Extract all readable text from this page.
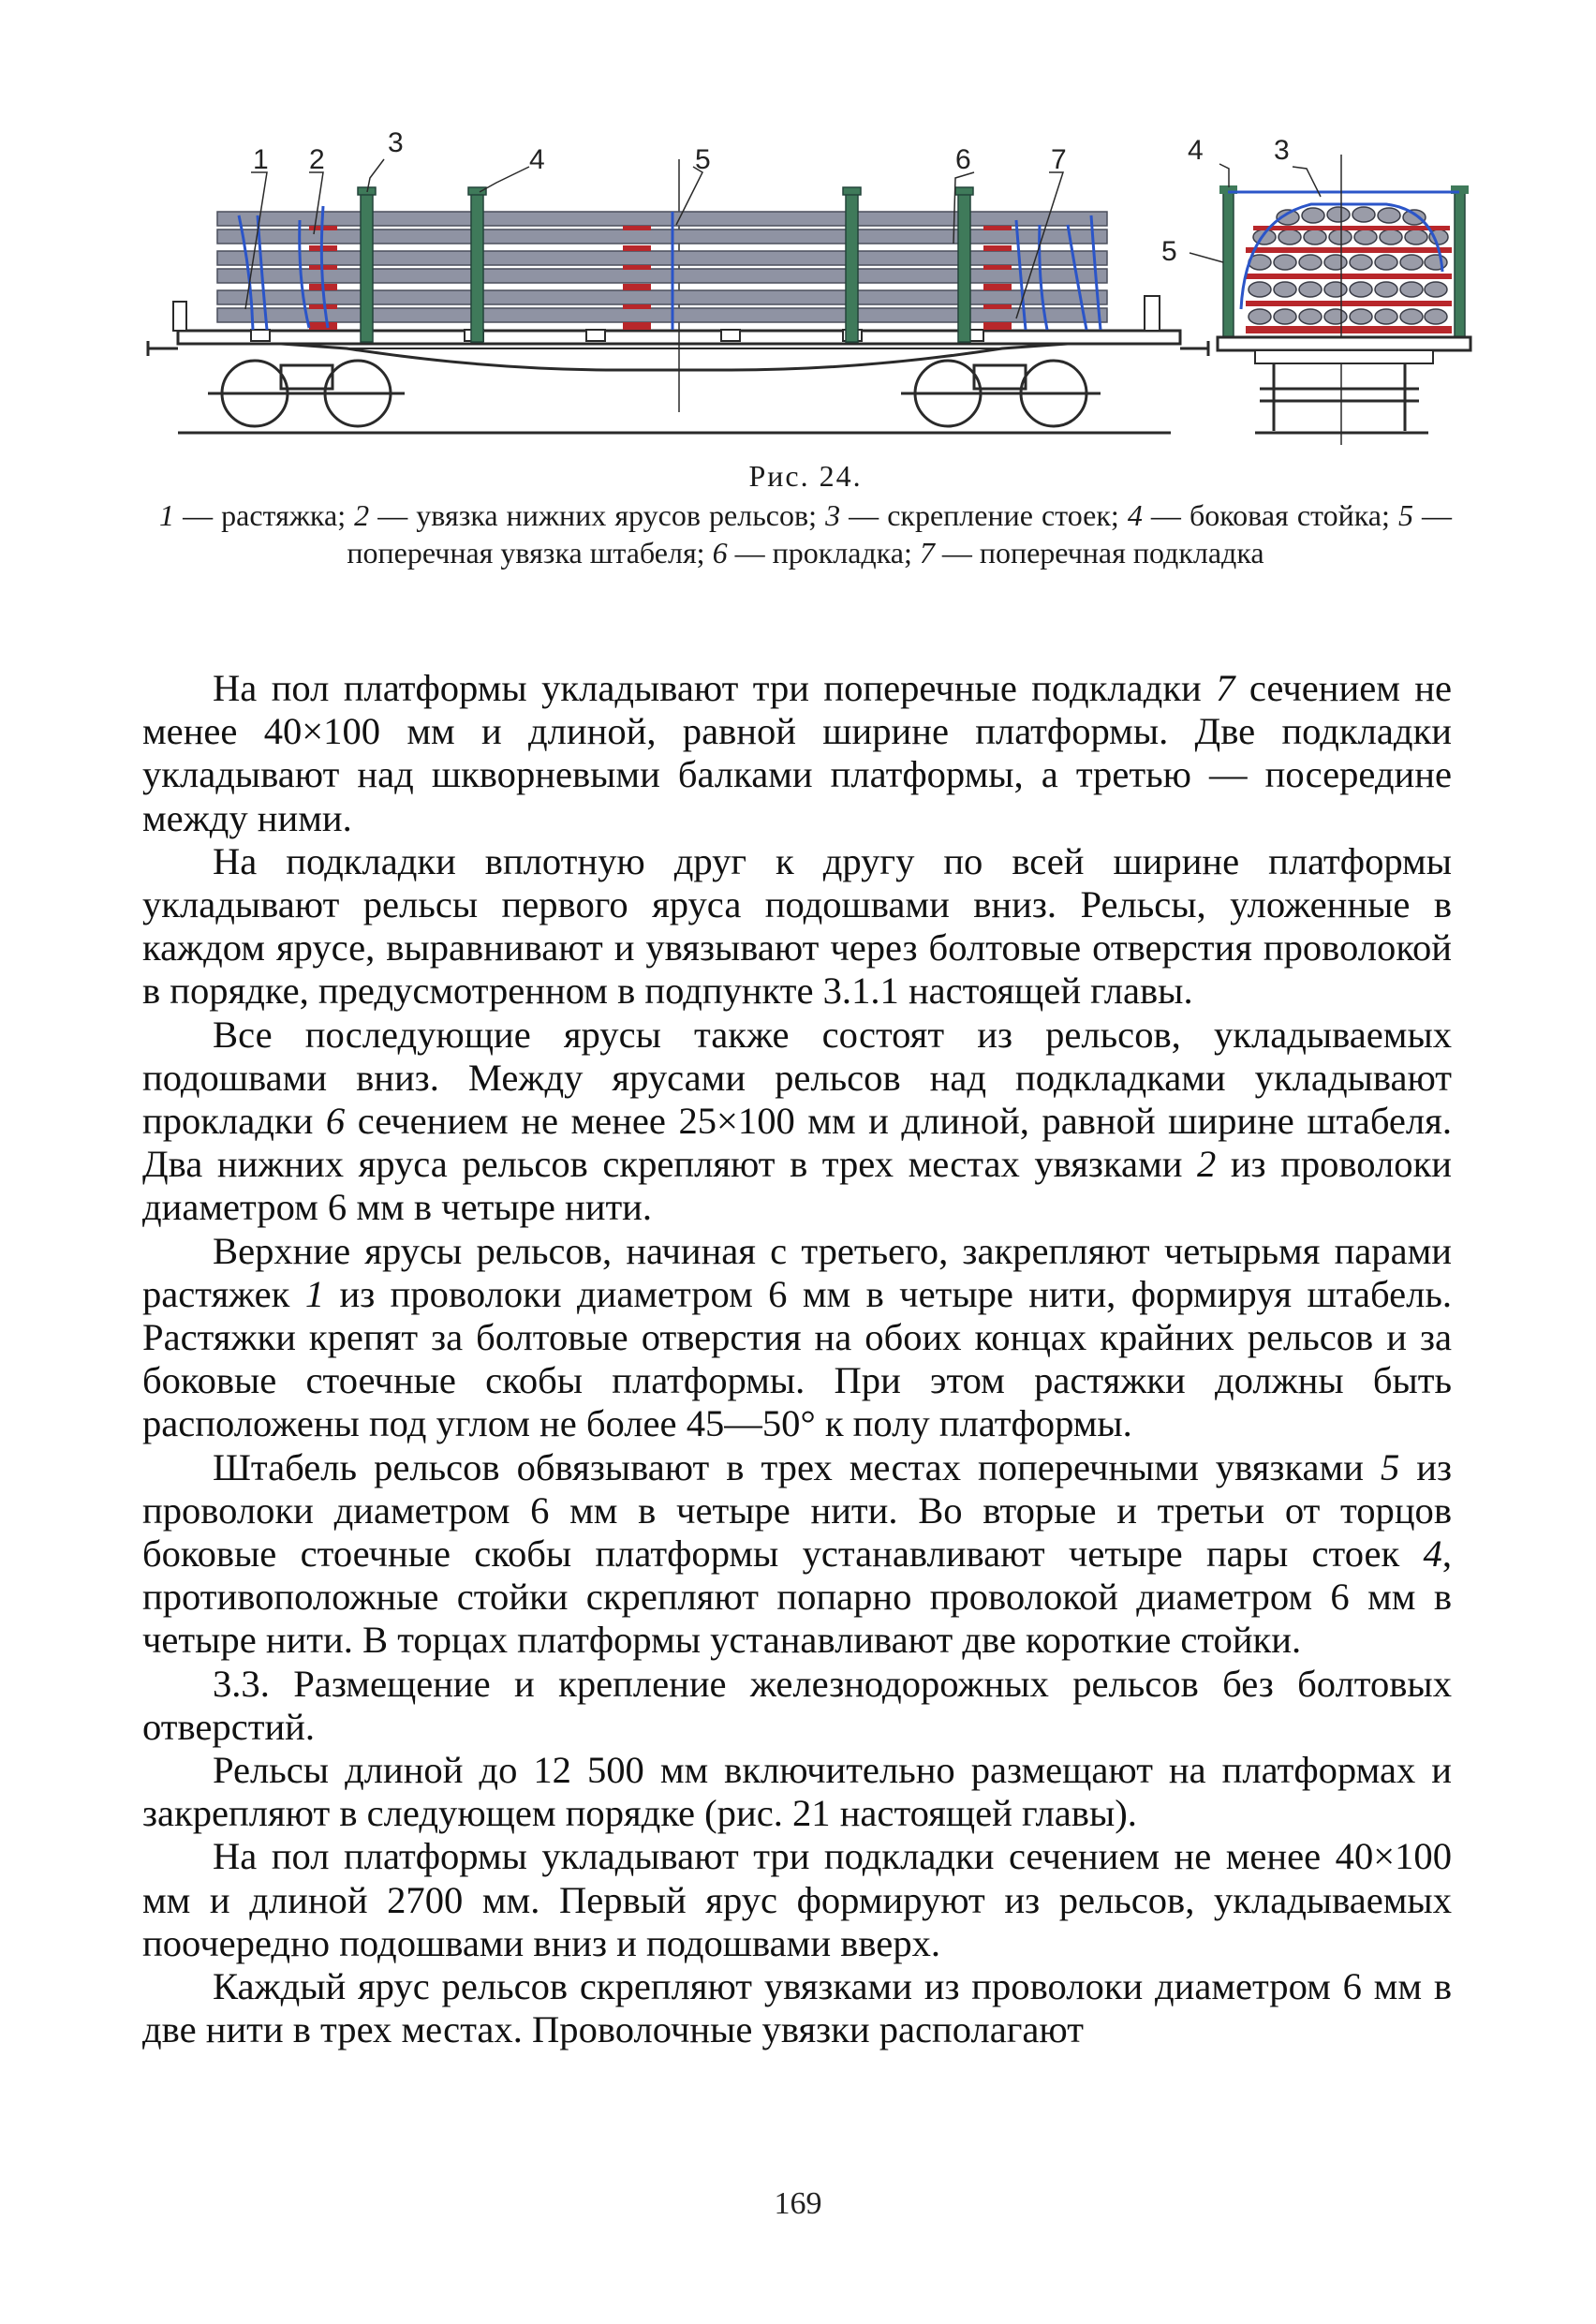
1 2
3
4	5	6	7	4	3
5
Рис. 24.
1 — растяжка; 2 — увязка нижних ярусов рельсов; 3 — скрепление стоек; 4 — боковая стойка; 5 — поперечная увязка штабеля; 6 — прокладка; 7 — поперечная подкладка

На пол платформы укладывают три поперечные подкладки 7 сечением не менее 40×100 мм и длиной, равной ширине платформы. Две подкладки укладывают над шкворневыми балками платформы, а третью — посередине между ними.

На подкладки вплотную друг к другу по всей ширине платформы укладывают рельсы первого яруса подошвами вниз. Рельсы, уложенные в каждом ярусе, выравнивают и увязывают через болтовые отверстия проволокой в порядке, предусмотренном в подпункте 3.1.1 настоящей главы.

Все последующие ярусы также состоят из рельсов, укладываемых подошвами вниз. Между ярусами рельсов над подкладками укладывают прокладки 6 сечением не менее 25×100 мм и длиной, равной ширине штабеля. Два нижних яруса рельсов скрепляют в трех местах увязками 2 из проволоки диаметром 6 мм в четыре нити.

Верхние ярусы рельсов, начиная с третьего, закрепляют четырьмя парами растяжек 1 из проволоки диаметром 6 мм в четыре нити, формируя штабель. Растяжки крепят за болтовые отверстия на обоих концах крайних рельсов и за боковые стоечные скобы платформы. При этом растяжки должны быть расположены под углом не более 45—50° к полу платформы.

Штабель рельсов обвязывают в трех местах поперечными увязками 5 из проволоки диаметром 6 мм в четыре нити. Во вторые и третьи от торцов боковые стоечные скобы платформы устанавливают четыре пары стоек 4, противоположные стойки скрепляют попарно проволокой диаметром 6 мм в четыре нити. В торцах платформы устанавливают две короткие стойки.

3.3. Размещение и крепление железнодорожных рельсов без болтовых отверстий.

Рельсы длиной до 12 500 мм включительно размещают на платформах и закрепляют в следующем порядке (рис. 21 настоящей главы).

На пол платформы укладывают три подкладки сечением не менее 40×100 мм и длиной 2700 мм. Первый ярус формируют из рельсов, укладываемых поочередно подошвами вниз и подошвами вверх.

Каждый ярус рельсов скрепляют увязками из проволоки диаметром 6 мм в две нити в трех местах. Проволочные увязки располагают

169
